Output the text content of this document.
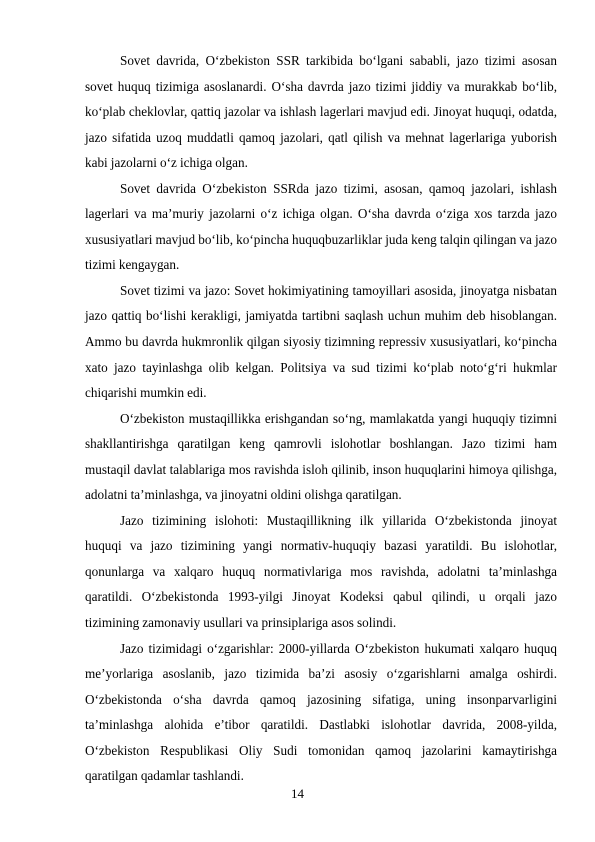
Sovet davrida, O‘zbekiston SSR tarkibida bo‘lgani sababli, jazo tizimi asosan sovet huquq tizimiga asoslanardi. O‘sha davrda jazo tizimi jiddiy va murakkab bo‘lib, ko‘plab cheklovlar, qattiq jazolar va ishlash lagerlari mavjud edi. Jinoyat huquqi, odatda, jazo sifatida uzoq muddatli qamoq jazolari, qatl qilish va mehnat lagerlariga yuborish kabi jazolarni o‘z ichiga olgan.

Sovet davrida O‘zbekiston SSRda jazo tizimi, asosan, qamoq jazolari, ishlash lagerlari va ma’muriy jazolarni o‘z ichiga olgan. O‘sha davrda o‘ziga xos tarzda jazo xususiyatlari mavjud bo‘lib, ko‘pincha huquqbuzarliklar juda keng talqin qilingan va jazo tizimi kengaygan.

Sovet tizimi va jazo: Sovet hokimiyatining tamoyillari asosida, jinoyatga nisbatan jazo qattiq bo‘lishi kerakligi, jamiyatda tartibni saqlash uchun muhim deb hisoblangan. Ammo bu davrda hukmronlik qilgan siyosiy tizimning repressiv xususiyatlari, ko‘pincha xato jazo tayinlashga olib kelgan. Politsiya va sud tizimi ko‘plab noto‘g‘ri hukmlar chiqarishi mumkin edi.

O‘zbekiston mustaqillikka erishgandan so‘ng, mamlakatda yangi huquqiy tizimni shakllantirishga qaratilgan keng qamrovli islohotlar boshlangan. Jazo tizimi ham mustaqil davlat talablariga mos ravishda isloh qilinib, inson huquqlarini himoya qilishga, adolatni ta’minlashga, va jinoyatni oldini olishga qaratilgan.

Jazo tizimining islohoti: Mustaqillikning ilk yillarida O‘zbekistonda jinoyat huquqi va jazo tizimining yangi normativ-huquqiy bazasi yaratildi. Bu islohotlar, qonunlarga va xalqaro huquq normativlariga mos ravishda, adolatni ta’minlashga qaratildi. O‘zbekistonda 1993-yilgi Jinoyat Kodeksi qabul qilindi, u orqali jazo tizimining zamonaviy usullari va prinsiplariga asos solindi.

Jazo tizimidagi o‘zgarishlar: 2000-yillarda O‘zbekiston hukumati xalqaro huquq me’yorlariga asoslanib, jazo tizimida ba’zi asosiy o‘zgarishlarni amalga oshirdi. O‘zbekistonda o‘sha davrda qamoq jazosining sifatiga, uning insonparvarligini ta’minlashga alohida e’tibor qaratildi. Dastlabki islohotlar davrida, 2008-yilda, O‘zbekiston Respublikasi Oliy Sudi tomonidan qamoq jazolarini kamaytirishga qaratilgan qadamlar tashlandi.

14
